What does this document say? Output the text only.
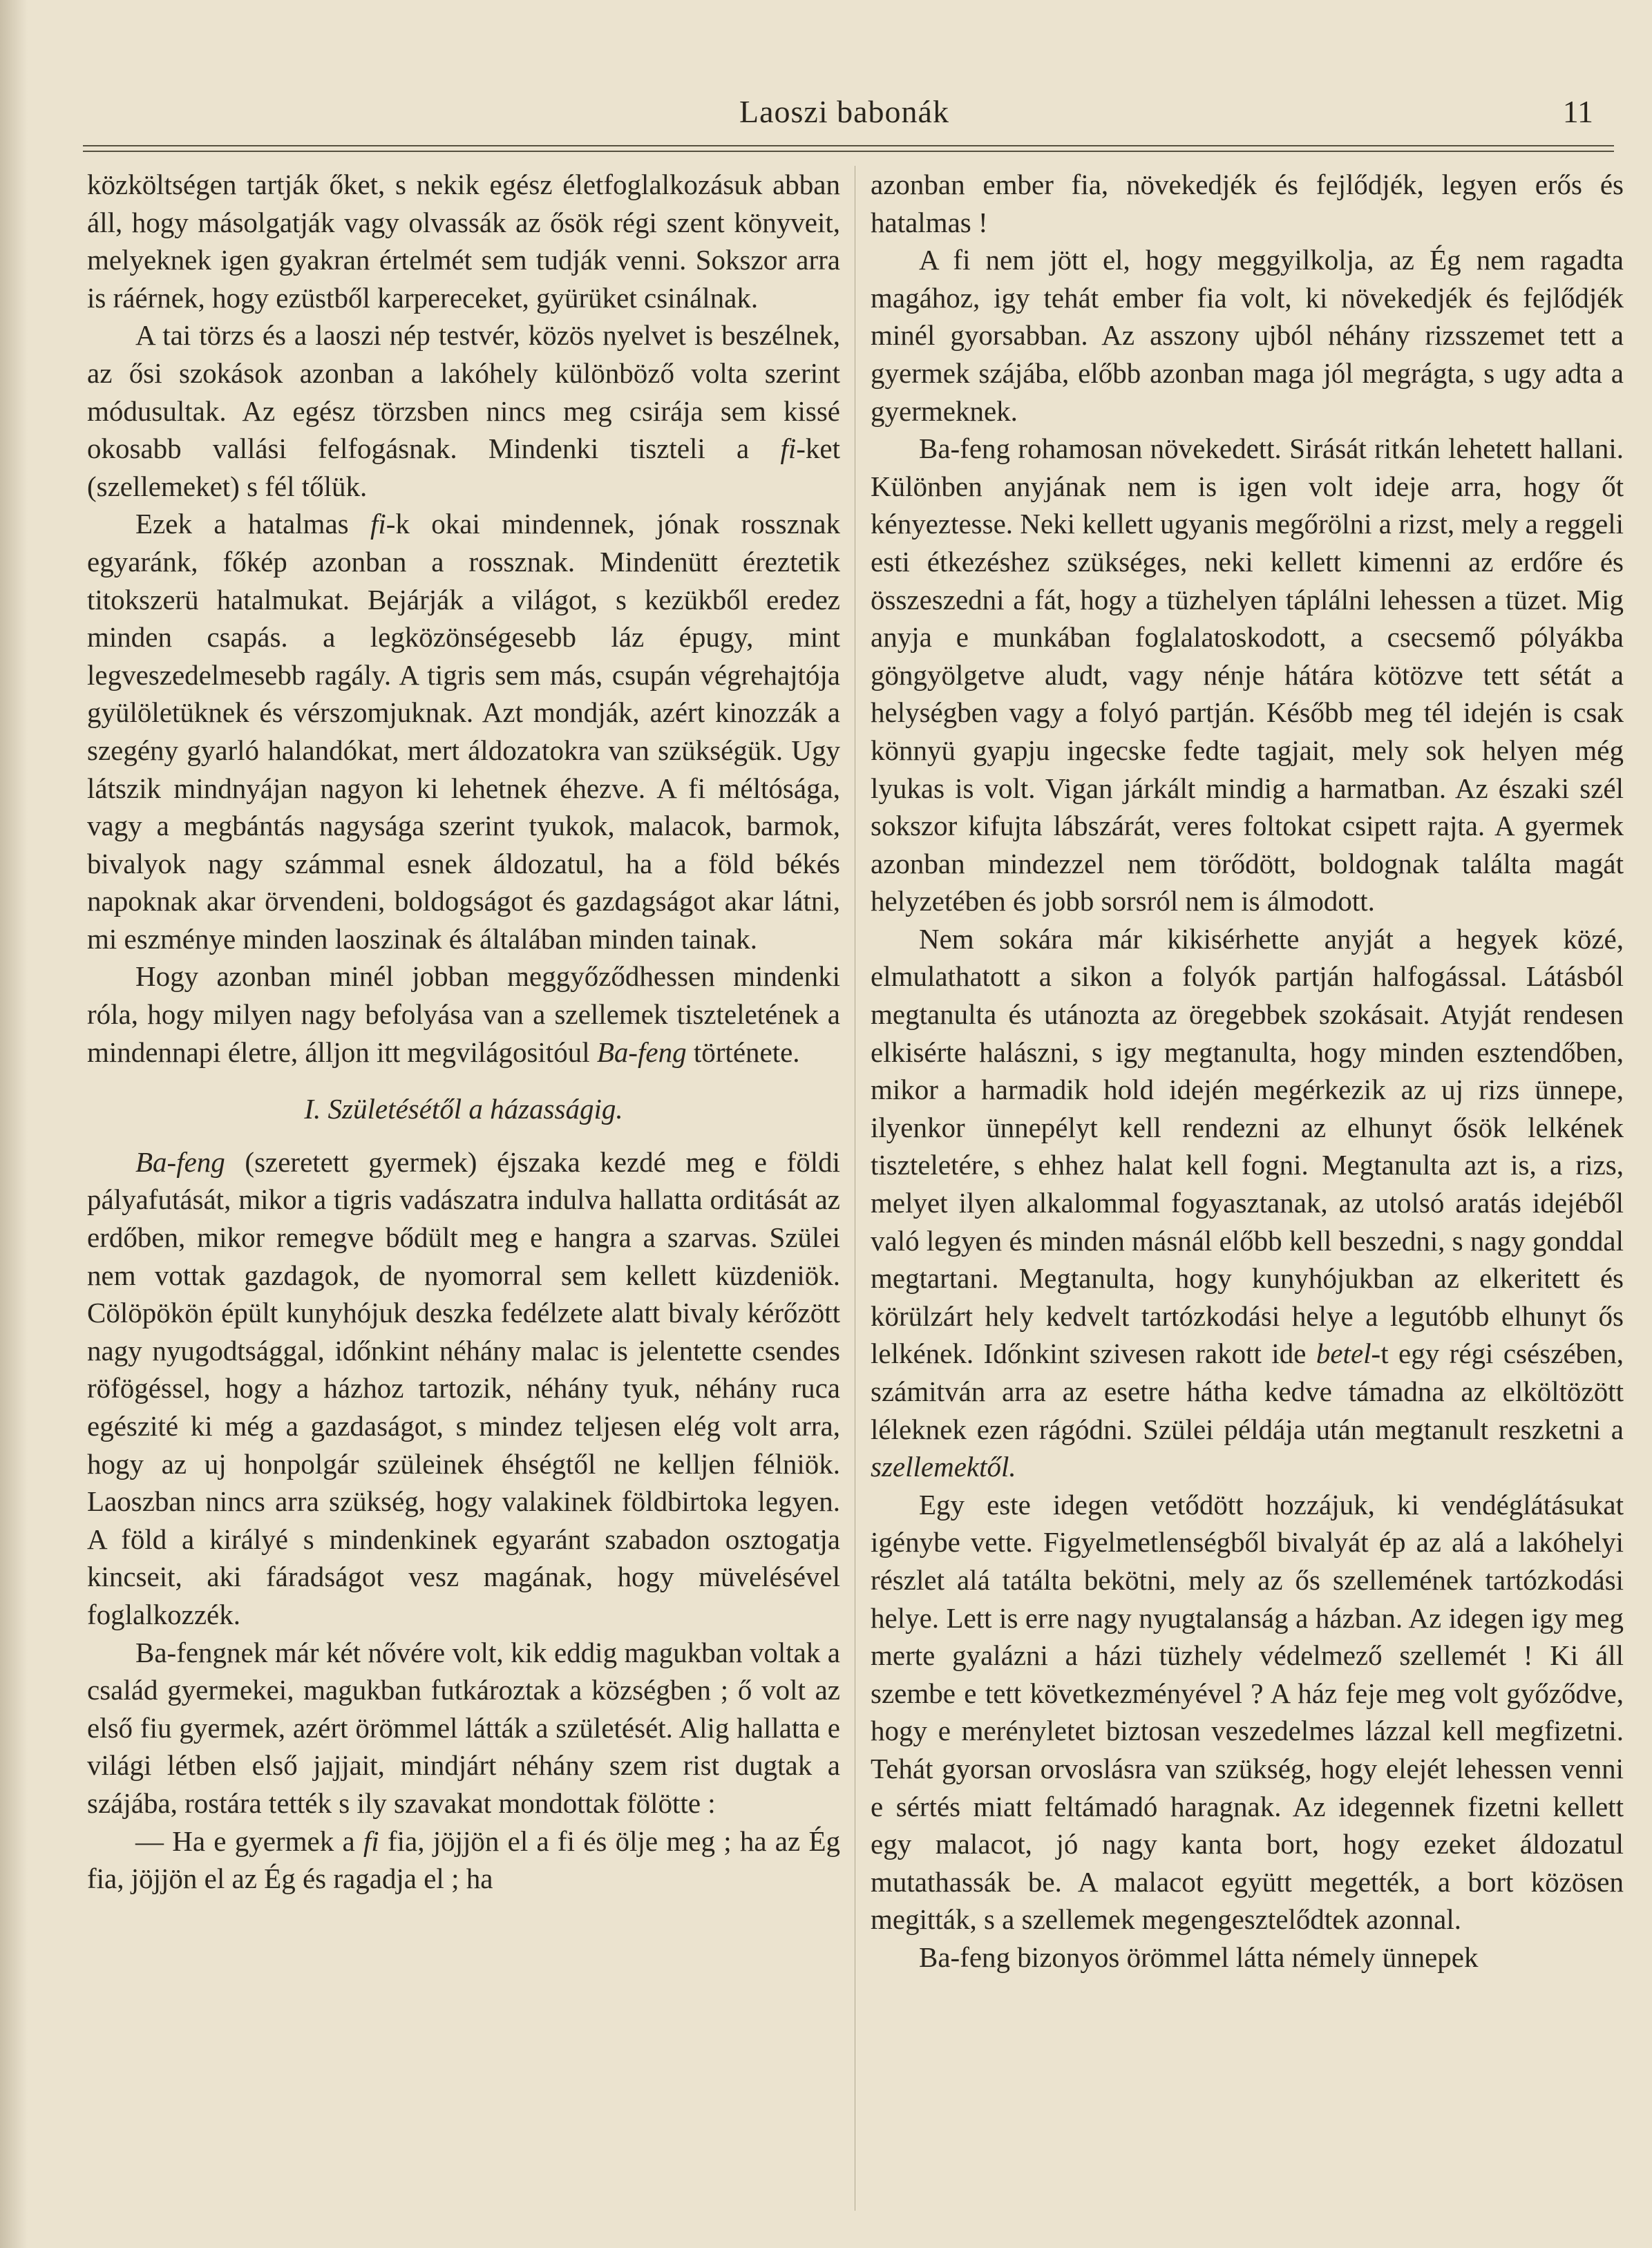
Laoszi babonák	11

közköltségen tartják őket, s nekik egész életfoglalkozásuk abban áll, hogy másolgatják vagy olvassák az ősök régi szent könyveit, melyeknek igen gyakran értelmét sem tudják venni. Sokszor arra is ráérnek, hogy ezüstből karpereceket, gyürüket csinálnak.

A tai törzs és a laoszi nép testvér, közös nyelvet is beszélnek, az ősi szokások azonban a lakóhely különböző volta szerint módusultak. Az egész törzsben nincs meg csirája sem kissé okosabb vallási felfogásnak. Mindenki tiszteli a fi-ket (szellemeket) s fél tőlük.

Ezek a hatalmas fi-k okai mindennek, jónak rossznak egyaránk, főkép azonban a rossznak. Mindenütt éreztetik titokszerü hatalmukat. Bejárják a világot, s kezükből eredez minden csapás. a legközönségesebb láz épugy, mint legveszedelmesebb ragály. A tigris sem más, csupán végrehajtója gyülöletüknek és vérszomjuknak. Azt mondják, azért kinozzák a szegény gyarló halandókat, mert áldozatokra van szükségük. Ugy látszik mindnyájan nagyon ki lehetnek éhezve. A fi méltósága, vagy a megbántás nagysága szerint tyukok, malacok, barmok, bivalyok nagy számmal esnek áldozatul, ha a föld békés napoknak akar örvendeni, boldogságot és gazdagságot akar látni, mi eszménye minden laoszinak és általában minden tainak.

Hogy azonban minél jobban meggyőződhessen mindenki róla, hogy milyen nagy befolyása van a szellemek tiszteletének a mindennapi életre, álljon itt megvilágositóul Ba-feng története.

I. Születésétől a házasságig.

Ba-feng (szeretett gyermek) éjszaka kezdé meg e földi pályafutását, mikor a tigris vadászatra indulva hallatta orditását az erdőben, mikor remegve bődült meg e hangra a szarvas. Szülei nem vottak gazdagok, de nyomorral sem kellett küzdeniök. Cölöpökön épült kunyhójuk deszka fedélzete alatt bivaly kérőzött nagy nyugodtsággal, időnkint néhány malac is jelentette csendes röfögéssel, hogy a házhoz tartozik, néhány tyuk, néhány ruca egészité ki még a gazdaságot, s mindez teljesen elég volt arra, hogy az uj honpolgár szüleinek éhségtől ne kelljen félniök. Laoszban nincs arra szükség, hogy valakinek földbirtoka legyen. A föld a királyé s mindenkinek egyaránt szabadon osztogatja kincseit, aki fáradságot vesz magának, hogy müvelésével foglalkozzék.

Ba-fengnek már két nővére volt, kik eddig magukban voltak a család gyermekei, magukban futkároztak a községben ; ő volt az első fiu gyermek, azért örömmel látták a születését. Alig hallatta e világi létben első jajjait, mindjárt néhány szem rist dugtak a szájába, rostára tették s ily szavakat mondottak fölötte :

— Ha e gyermek a fi fia, jöjjön el a fi és ölje meg ; ha az Ég fia, jöjjön el az Ég és ragadja el ; ha

azonban ember fia, növekedjék és fejlődjék, legyen erős és hatalmas !

A fi nem jött el, hogy meggyilkolja, az Ég nem ragadta magához, igy tehát ember fia volt, ki növekedjék és fejlődjék minél gyorsabban. Az asszony ujból néhány rizsszemet tett a gyermek szájába, előbb azonban maga jól megrágta, s ugy adta a gyermeknek.

Ba-feng rohamosan növekedett. Sirását ritkán lehetett hallani. Különben anyjának nem is igen volt ideje arra, hogy őt kényeztesse. Neki kellett ugyanis megőrölni a rizst, mely a reggeli esti étkezéshez szükséges, neki kellett kimenni az erdőre és összeszedni a fát, hogy a tüzhelyen táplálni lehessen a tüzet. Mig anyja e munkában foglalatoskodott, a csecsemő pólyákba göngyölgetve aludt, vagy nénje hátára kötözve tett sétát a helységben vagy a folyó partján. Később meg tél idején is csak könnyü gyapju ingecske fedte tagjait, mely sok helyen még lyukas is volt. Vigan járkált mindig a harmatban. Az északi szél sokszor kifujta lábszárát, veres foltokat csipett rajta. A gyermek azonban mindezzel nem törődött, boldognak találta magát helyzetében és jobb sorsról nem is álmodott.

Nem sokára már kikisérhette anyját a hegyek közé, elmulathatott a sikon a folyók partján halfogással. Látásból megtanulta és utánozta az öregebbek szokásait. Atyját rendesen elkisérte halászni, s igy megtanulta, hogy minden esztendőben, mikor a harmadik hold idején megérkezik az uj rizs ünnepe, ilyenkor ünnepélyt kell rendezni az elhunyt ősök lelkének tiszteletére, s ehhez halat kell fogni. Megtanulta azt is, a rizs, melyet ilyen alkalommal fogyasztanak, az utolsó aratás idejéből való legyen és minden másnál előbb kell beszedni, s nagy gonddal megtartani. Megtanulta, hogy kunyhójukban az elkeritett és körülzárt hely kedvelt tartózkodási helye a legutóbb elhunyt ős lelkének. Időnkint szivesen rakott ide betel-t egy régi csészében, számitván arra az esetre hátha kedve támadna az elköltözött léleknek ezen rágódni. Szülei példája után megtanult reszketni a szellemektől.

Egy este idegen vetődött hozzájuk, ki vendéglátásukat igénybe vette. Figyelmetlenségből bivalyát ép az alá a lakóhelyi részlet alá tatálta bekötni, mely az ős szellemének tartózkodási helye. Lett is erre nagy nyugtalanság a házban. Az idegen igy meg merte gyalázni a házi tüzhely védelmező szellemét ! Ki áll szembe e tett következményével ? A ház feje meg volt győződve, hogy e merényletet biztosan veszedelmes lázzal kell megfizetni. Tehát gyorsan orvoslásra van szükség, hogy elejét lehessen venni e sértés miatt feltámadó haragnak. Az idegennek fizetni kellett egy malacot, jó nagy kanta bort, hogy ezeket áldozatul mutathassák be. A malacot együtt megették, a bort közösen megitták, s a szellemek megengesztelődtek azonnal.

Ba-feng bizonyos örömmel látta némely ünnepek
